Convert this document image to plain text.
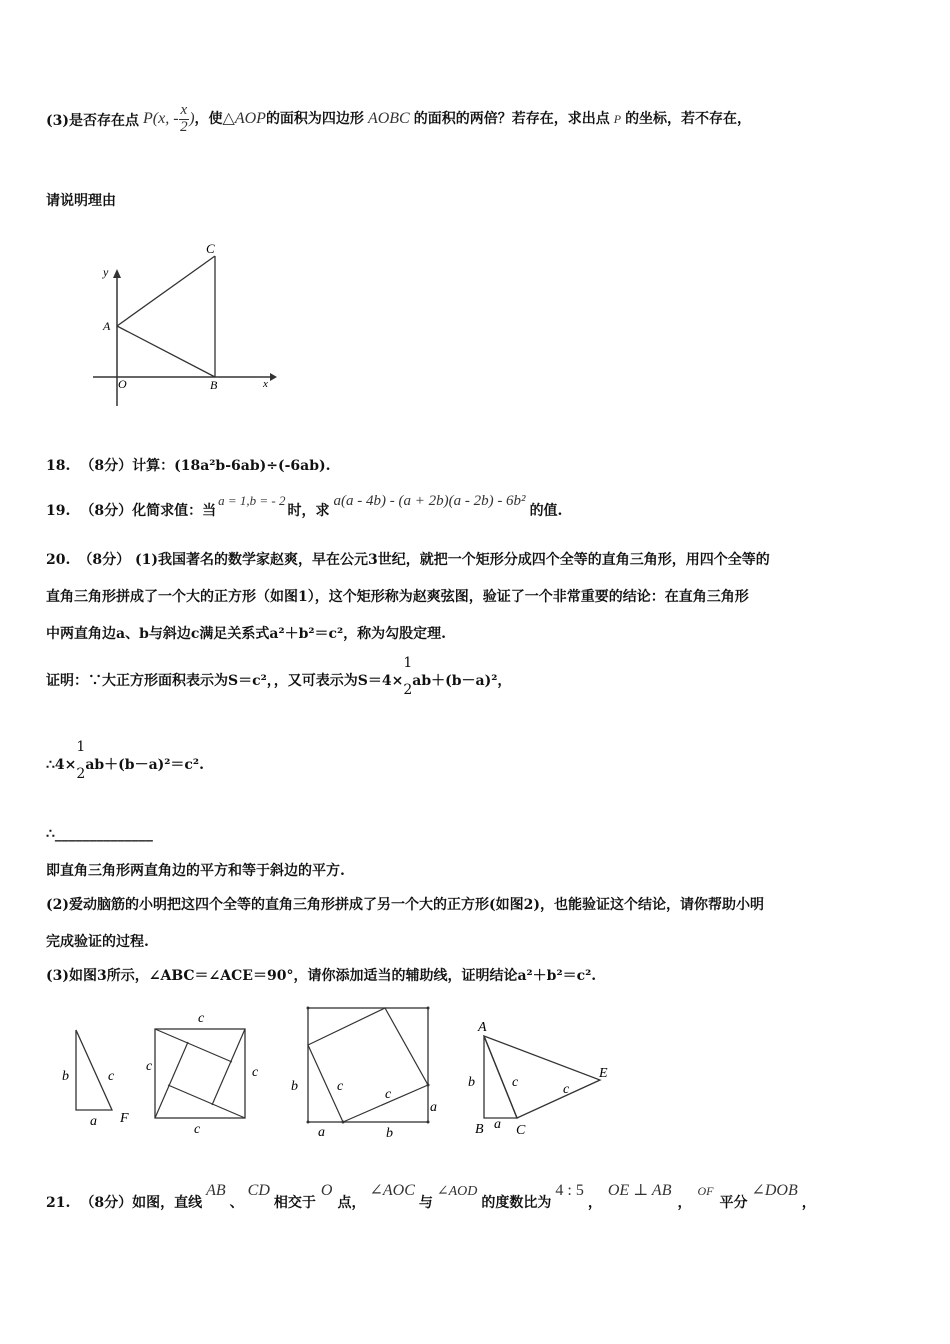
(3)是否存在点 P(x, - $\frac{x}{2}$ )，使△AOP的面积为四边形 AOBC 的面积的两倍？若存在，求出点 P 的坐标，若不存在，
请说明理由
y
x
O
A
B
C
18. （8分）计算：(18a²b-6ab)÷(-6ab).
19. （8分）化简求值：当a = 1,b = - 2时，求a(a - 4b) - (a + 2b)(a - 2b) - 6b²的值.
20. （8分） (1)我国著名的数学家赵爽，早在公元3世纪，就把一个矩形分成四个全等的直角三角形，用四个全等的
直角三角形拼成了一个大的正方形（如图1），这个矩形称为赵爽弦图，验证了一个非常重要的结论：在直角三角形
中两直角边a、b与斜边c满足关系式a²＋b²＝c²，称为勾股定理.
证明：∵大正方形面积表示为S＝c²，，又可表示为S＝4×
1
2
ab＋(b－a)²，
∴4×
1
2
ab＋(b－a)²＝c².
∴______________
即直角三角形两直角边的平方和等于斜边的平方.
(2)爱动脑筋的小明把这四个全等的直角三角形拼成了另一个大的正方形(如图2)，也能验证这个结论，请你帮助小明
完成验证的过程.
(3)如图3所示，∠ABC＝∠ACE＝90°，请你添加适当的辅助线，证明结论a²＋b²＝c².
b	c
a F
c
c	c
c
b	c
c
a
a	b
A
B C
E
b
a
c	c
21. （8分）如图，直线AB、CD相交于O点，∠AOC与∠AOD的度数比为4 : 5，OE ⊥ AB，OF平分∠DOB，
